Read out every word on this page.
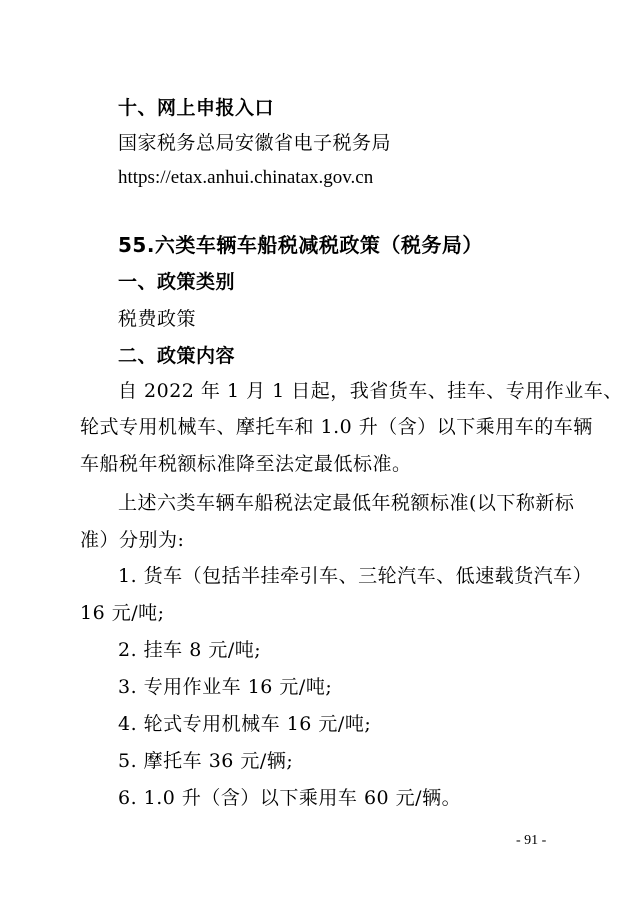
十、网上申报入口
国家税务总局安徽省电子税务局
https://etax.anhui.chinatax.gov.cn
55.六类车辆车船税减税政策（税务局）
一、政策类别
税费政策
二、政策内容
自 2022 年 1 月 1 日起，我省货车、挂车、专用作业车、
轮式专用机械车、摩托车和 1.0 升（含）以下乘用车的车辆
车船税年税额标准降至法定最低标准。
上述六类车辆车船税法定最低年税额标准(以下称新标
准）分别为:
1. 货车（包括半挂牵引车、三轮汽车、低速载货汽车）
16 元/吨;
2. 挂车 8 元/吨;
3. 专用作业车 16 元/吨;
4. 轮式专用机械车 16 元/吨;
5. 摩托车 36 元/辆;
6. 1.0 升（含）以下乘用车 60 元/辆。
- 91 -
